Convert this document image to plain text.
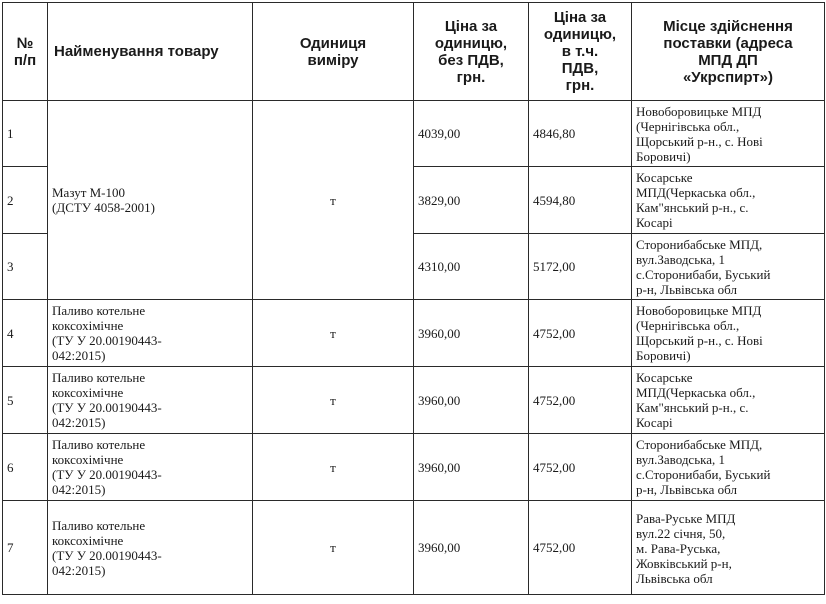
№
п/п	Найменування товару	Одиниця
виміру	Ціна за
одиницю,
без ПДВ,
грн.	Ціна за
одиницю,
в т.ч.
ПДВ,
грн.	Місце здійснення
поставки (адреса
МПД ДП
«Укрспирт»)

1	Мазут М-100
(ДСТУ 4058-2001)	т	4039,00	4846,80	Новоборовицьке МПД
(Чернігівська обл.,
Щорський р-н., с. Нові
Боровичі)

2			3829,00	4594,80	Косарське
МПД(Черкаська обл.,
Кам"янський р-н., с.
Косарі

3			4310,00	5172,00	Сторонибабське МПД,
вул.Заводська, 1
с.Сторонибаби, Буський
р-н, Львівська обл

4	Паливо котельне
коксохімічне
(ТУ У 20.00190443-
042:2015)	т	3960,00	4752,00	Новоборовицьке МПД
(Чернігівська обл.,
Щорський р-н., с. Нові
Боровичі)

5	Паливо котельне
коксохімічне
(ТУ У 20.00190443-
042:2015)	т	3960,00	4752,00	Косарське
МПД(Черкаська обл.,
Кам"янський р-н., с.
Косарі

6	Паливо котельне
коксохімічне
(ТУ У 20.00190443-
042:2015)	т	3960,00	4752,00	Сторонибабське МПД,
вул.Заводська, 1
с.Сторонибаби, Буський
р-н, Львівська обл

7	Паливо котельне
коксохімічне
(ТУ У 20.00190443-
042:2015)	т	3960,00	4752,00	Рава-Руське МПД
вул.22 січня, 50,
м. Рава-Руська,
Жовківський р-н,
Львівська обл
